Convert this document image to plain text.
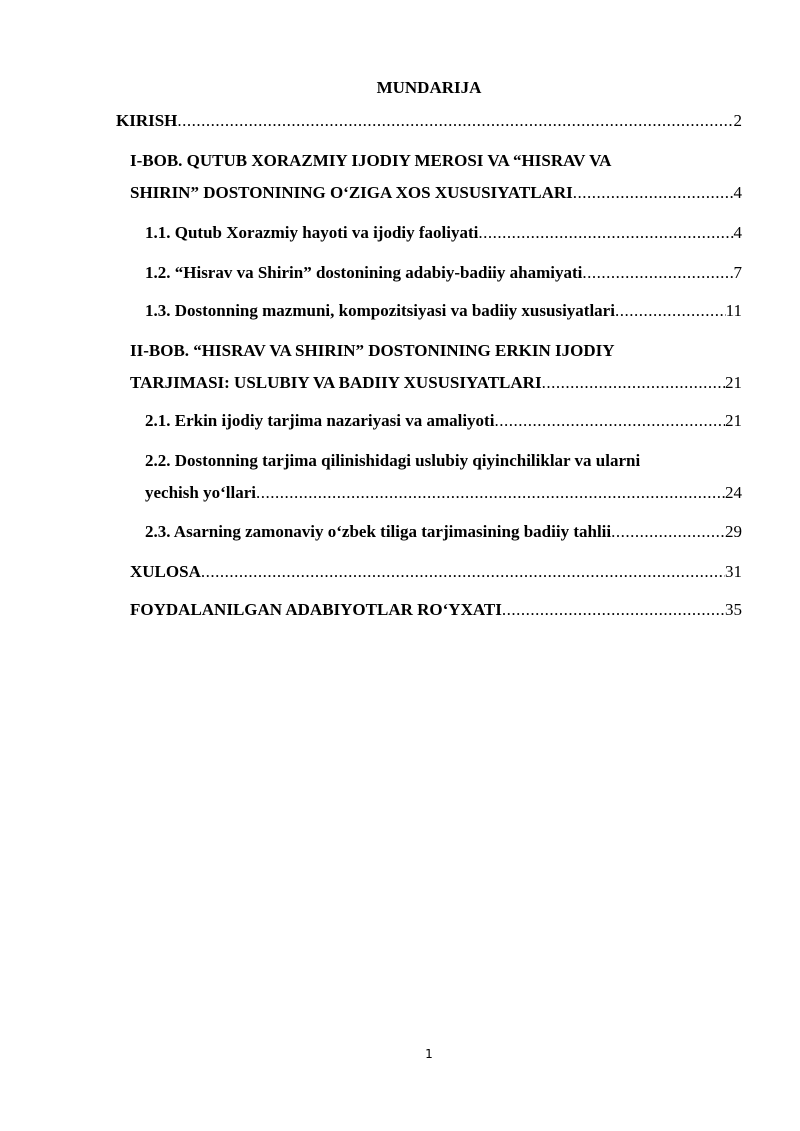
MUNDARIJA
KIRISH .....	2
I-BOB. QUTUB XORAZMIY IJODIY MEROSI VA “HISRAV VA
SHIRIN” DOSTONINING O‘ZIGA XOS XUSUSIYATLARI .....	4
1.1. Qutub Xorazmiy hayoti va ijodiy faoliyati .....	4
1.2. “Hisrav va Shirin” dostonining adabiy-badiiy ahamiyati .....	7
1.3. Dostonning mazmuni, kompozitsiyasi va badiiy xususiyatlari .....	11
II-BOB. “HISRAV VA SHIRIN” DOSTONINING ERKIN IJODIY
TARJIMASI: USLUBIY VA BADIIY XUSUSIYATLARI .....	21
2.1. Erkin ijodiy tarjima nazariyasi va amaliyoti .....	21
2.2. Dostonning tarjima qilinishidagi uslubiy qiyinchiliklar va ularni
yechish yo‘llari .....	24
2.3. Asarning zamonaviy o‘zbek tiliga tarjimasining badiiy tahlii .....	29
XULOSA .....	31
FOYDALANILGAN ADABIYOTLAR RO‘YXATI .....	35
1
